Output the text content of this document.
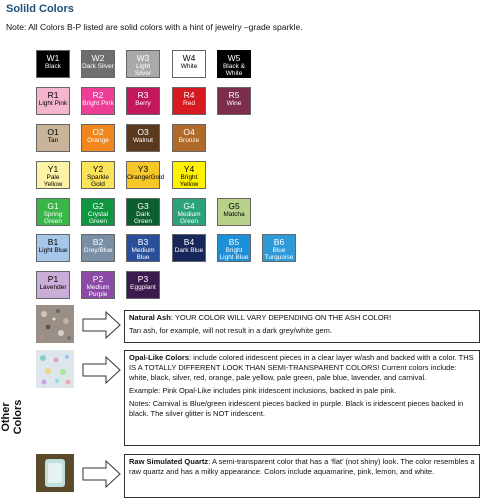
Solild Colors
Note: All Colors B-P listed are solid colors with a hint of jewelry –grade sparkle.
W1
Black
W2
Dark Silver
W3
Light Silver
W4
White
W5
Black & White
R1
Light Pink
R2
Bright Pink
R3
Berry
R4
Red
R5
Wine
O1
Tan
O2
Orange
O3
Walnut
O4
Bronze
Y1
Pale Yellow
Y2
Sparkle Gold
Y3
Orange/Gold
Y4
Bright Yellow
G1
Spring Green
G2
Crystal Green
G3
Dark Green
G4
Medium Green
G5
Matcha
B1
Light Blue
B2
Grey/Blue
B3
Medium Blue
B4
Dark Blue
B5
Bright Light Blue
B6
Blue Turquoise
P1
Lavender
P2
Medium Purple
P3
Eggplant
Other Colors

Natural Ash: YOUR COLOR WILL VARY DEPENDING ON THE ASH COLOR!

Tan ash, for example, will not result in a dark grey/white gem.

Opal-Like Colors: include colored iridescent pieces in a clear layer w/ash and backed with a color. THS IS A TOTALLY DIFFERENT LOOK THAN SEMI-TRANSPARENT COLORS! Current colors include: white, black, silver, red, orange, pale yellow, pale green, pale blue, lavender, and carnival.

Example: Pink Opal-Like includes pink iridescent inclusions, backed in pale pink.

Notes: Carnival is Blue/green iridescent pieces backed in purple. Black is iridescent pieces backed in black. The silver glitter is NOT iridescent.

Raw Simulated Quartz: A semi-transparent color that has a ‘flat’ (not shiny) look. The color resembles a raw quartz and has a milky appearance. Colors include aquamarine, pink, lemon, and white.
